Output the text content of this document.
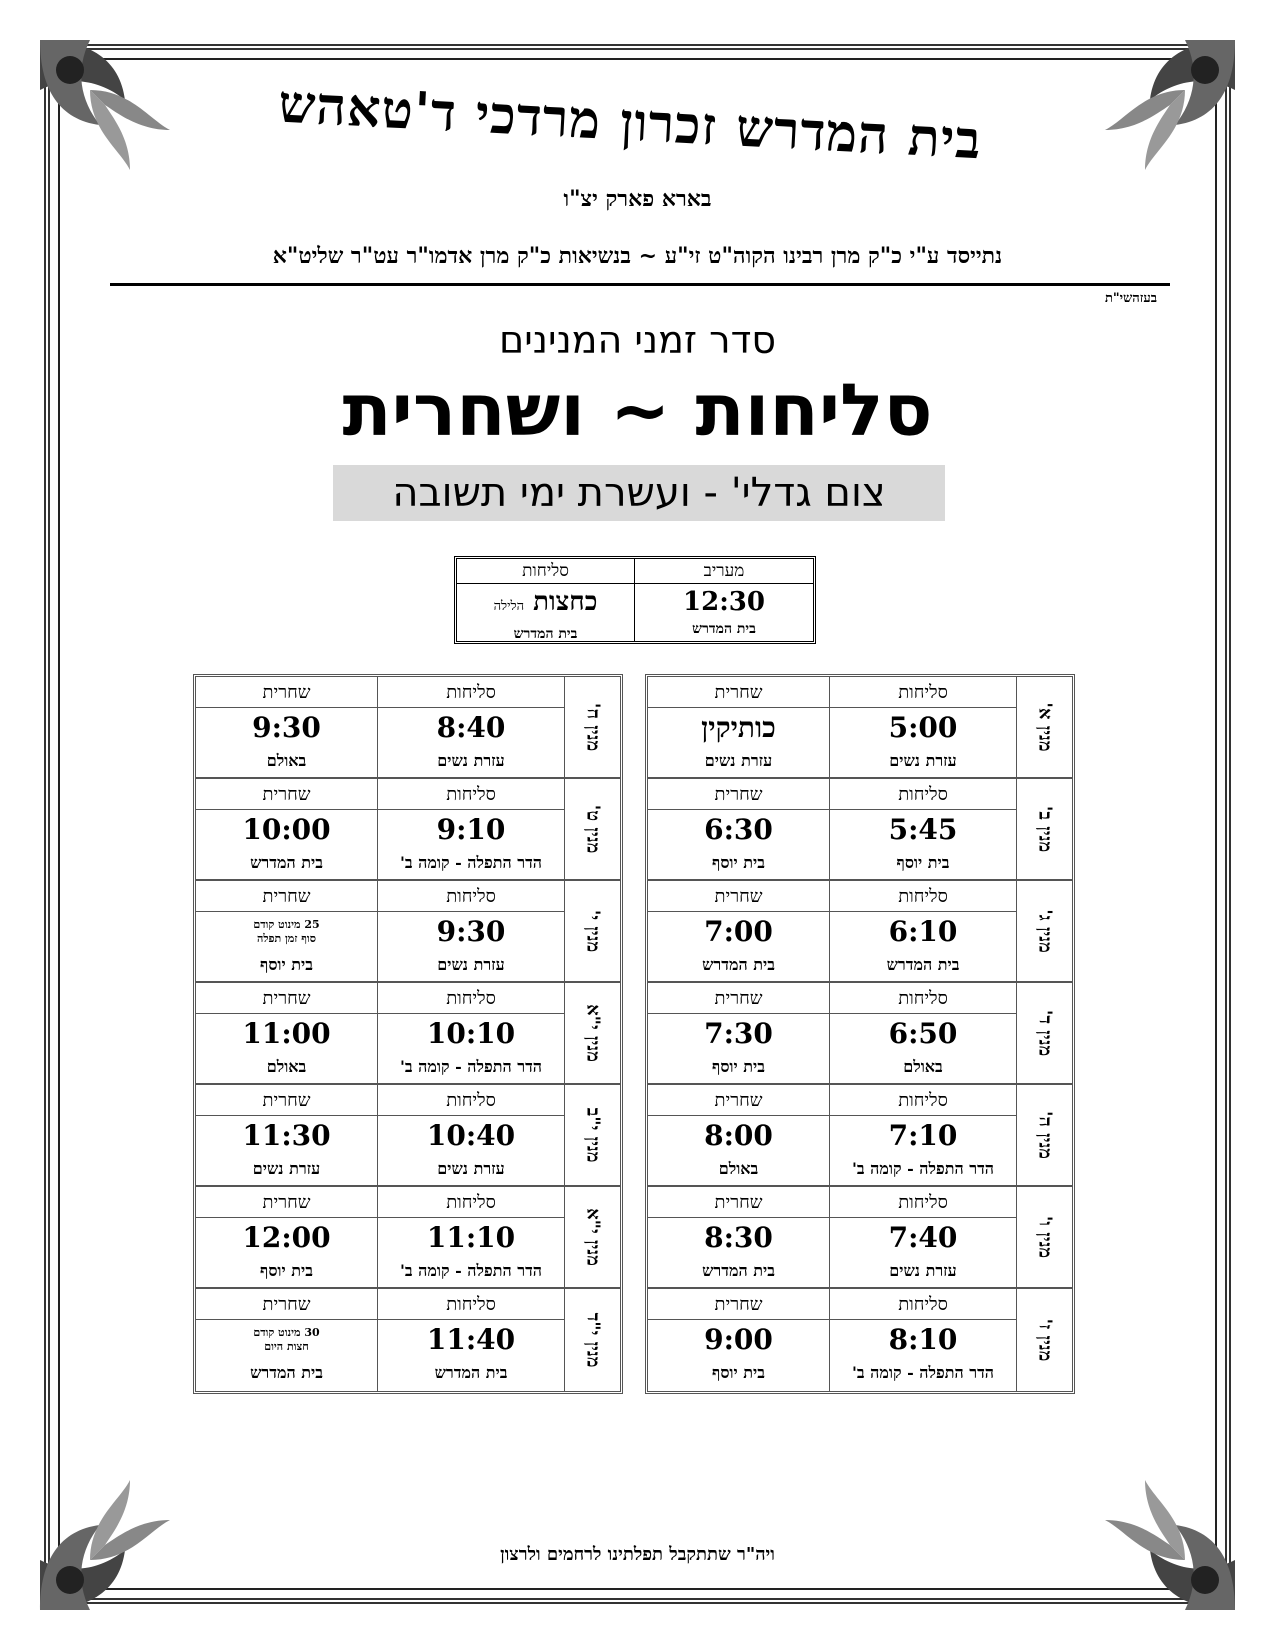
בית המדרש זכרון מרדכי ד'טאהש
בארא פארק יצ"ו
נתייסד ע"י כ"ק מרן רבינו הקוה"ט זי"ע ~ בנשיאות כ"ק מרן אדמו"ר עט"ר שליט"א
בעזהשי"ת
סדר זמני המנינים
סליחות ~ ושחרית
צום גדלי' - ועשרת ימי תשובה
מעריב
12:30
בית המדרש
סליחות
כחצות הלילה
בית המדרש
מנין א'
סליחות
5:00
עזרת נשים
שחרית
כותיקין
עזרת נשים
מנין ב'
סליחות
5:45
בית יוסף
שחרית
6:30
בית יוסף
מנין ג'
סליחות
6:10
בית המדרש
שחרית
7:00
בית המדרש
מנין ד'
סליחות
6:50
באולם
שחרית
7:30
בית יוסף
מנין ה'
סליחות
7:10
הדר התפלה - קומה ב'
שחרית
8:00
באולם
מנין ו'
סליחות
7:40
עזרת נשים
שחרית
8:30
בית המדרש
מנין ז'
סליחות
8:10
הדר התפלה - קומה ב'
שחרית
9:00
בית יוסף
מנין ח'
סליחות
8:40
עזרת נשים
שחרית
9:30
באולם
מנין ט'
סליחות
9:10
הדר התפלה - קומה ב'
שחרית
10:00
בית המדרש
מנין י'
סליחות
9:30
עזרת נשים
שחרית
25 מינוט קודם
סוף זמן תפלה
בית יוסף
מנין י"א
סליחות
10:10
הדר התפלה - קומה ב'
שחרית
11:00
באולם
מנין י"ב
סליחות
10:40
עזרת נשים
שחרית
11:30
עזרת נשים
מנין י"א
סליחות
11:10
הדר התפלה - קומה ב'
שחרית
12:00
בית יוסף
מנין י"ד
סליחות
11:40
בית המדרש
שחרית
30 מינוט קודם
חצות היום
בית המדרש
ויה"ר שתתקבל תפלתינו לרחמים ולרצון
